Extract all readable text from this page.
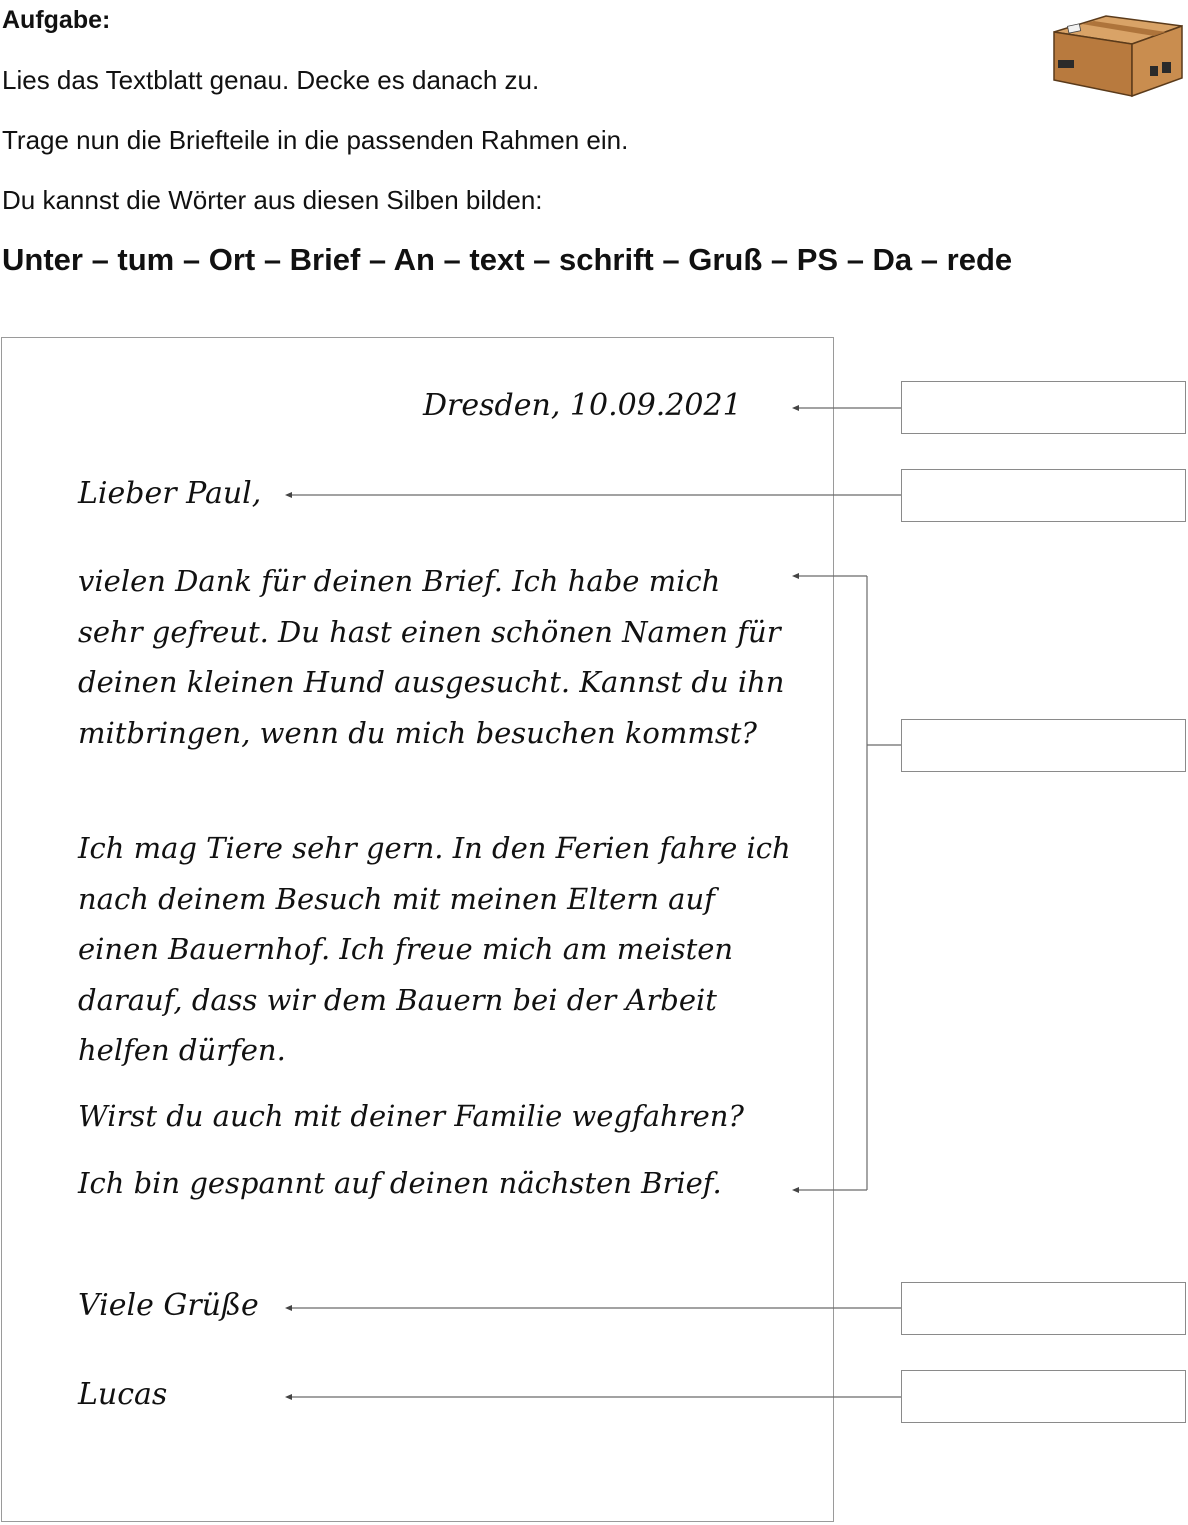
Aufgabe:
Lies das Textblatt genau. Decke es danach zu.
Trage nun die Briefteile in die passenden Rahmen ein.
Du kannst die Wörter aus diesen Silben bilden:
Unter – tum – Ort – Brief – An – text – schrift – Gruß – PS – Da – rede
Dresden, 10.09.2021
Lieber Paul,
vielen Dank für deinen Brief. Ich habe mich sehr gefreut. Du hast einen schönen Namen für deinen kleinen Hund ausgesucht. Kannst du ihn mitbringen, wenn du mich besuchen kommst?
Ich mag Tiere sehr gern. In den Ferien fahre ich nach deinem Besuch mit meinen Eltern auf einen Bauernhof. Ich freue mich am meisten darauf, dass wir dem Bauern bei der Arbeit helfen dürfen.
Wirst du auch mit deiner Familie wegfahren?
Ich bin gespannt auf deinen nächsten Brief.
Viele Grüße
Lucas
